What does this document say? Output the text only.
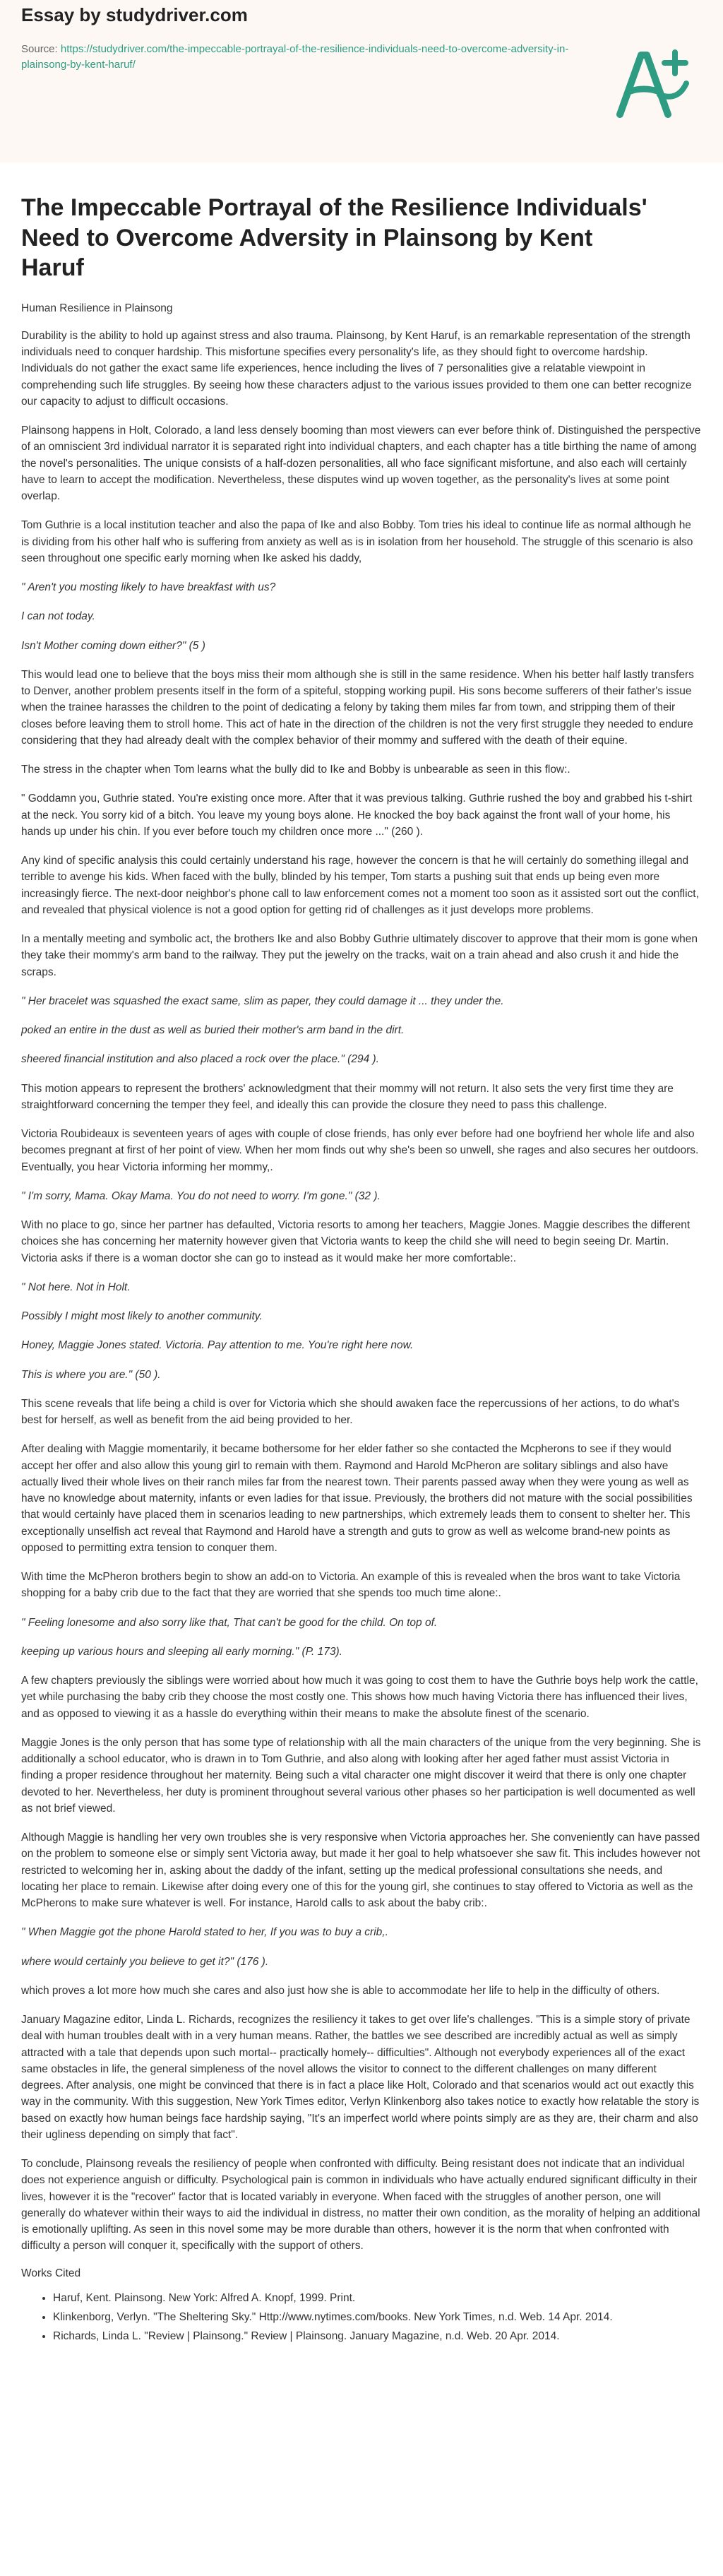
Essay by studydriver.com
Source: https://studydriver.com/the-impeccable-portrayal-of-the-resilience-individuals-need-to-overcome-adversity-in-plainsong-by-kent-haruf/
The Impeccable Portrayal of the Resilience Individuals' Need to Overcome Adversity in Plainsong by Kent Haruf

Human Resilience in Plainsong

Durability is the ability to hold up against stress and also trauma. Plainsong, by Kent Haruf, is an remarkable representation of the strength individuals need to conquer hardship. This misfortune specifies every personality's life, as they should fight to overcome hardship. Individuals do not gather the exact same life experiences, hence including the lives of 7 personalities give a relatable viewpoint in comprehending such life struggles. By seeing how these characters adjust to the various issues provided to them one can better recognize our capacity to adjust to difficult occasions.

Plainsong happens in Holt, Colorado, a land less densely booming than most viewers can ever before think of. Distinguished the perspective of an omniscient 3rd individual narrator it is separated right into individual chapters, and each chapter has a title birthing the name of among the novel's personalities. The unique consists of a half-dozen personalities, all who face significant misfortune, and also each will certainly have to learn to accept the modification. Nevertheless, these disputes wind up woven together, as the personality's lives at some point overlap.

Tom Guthrie is a local institution teacher and also the papa of Ike and also Bobby. Tom tries his ideal to continue life as normal although he is dividing from his other half who is suffering from anxiety as well as is in isolation from her household. The struggle of this scenario is also seen throughout one specific early morning when Ike asked his daddy,

" Aren't you mosting likely to have breakfast with us?

I can not today.

Isn't Mother coming down either?" (5 )

This would lead one to believe that the boys miss their mom although she is still in the same residence. When his better half lastly transfers to Denver, another problem presents itself in the form of a spiteful, stopping working pupil. His sons become sufferers of their father's issue when the trainee harasses the children to the point of dedicating a felony by taking them miles far from town, and stripping them of their closes before leaving them to stroll home. This act of hate in the direction of the children is not the very first struggle they needed to endure considering that they had already dealt with the complex behavior of their mommy and suffered with the death of their equine.

The stress in the chapter when Tom learns what the bully did to Ike and Bobby is unbearable as seen in this flow:.

" Goddamn you, Guthrie stated. You're existing once more. After that it was previous talking. Guthrie rushed the boy and grabbed his t-shirt at the neck. You sorry kid of a bitch. You leave my young boys alone. He knocked the boy back against the front wall of your home, his hands up under his chin. If you ever before touch my children once more ..." (260 ).

Any kind of specific analysis this could certainly understand his rage, however the concern is that he will certainly do something illegal and terrible to avenge his kids. When faced with the bully, blinded by his temper, Tom starts a pushing suit that ends up being even more increasingly fierce. The next-door neighbor's phone call to law enforcement comes not a moment too soon as it assisted sort out the conflict, and revealed that physical violence is not a good option for getting rid of challenges as it just develops more problems.

In a mentally meeting and symbolic act, the brothers Ike and also Bobby Guthrie ultimately discover to approve that their mom is gone when they take their mommy's arm band to the railway. They put the jewelry on the tracks, wait on a train ahead and also crush it and hide the scraps.

" Her bracelet was squashed the exact same, slim as paper, they could damage it ... they under the.

poked an entire in the dust as well as buried their mother's arm band in the dirt.

sheered financial institution and also placed a rock over the place." (294 ).

This motion appears to represent the brothers' acknowledgment that their mommy will not return. It also sets the very first time they are straightforward concerning the temper they feel, and ideally this can provide the closure they need to pass this challenge.

Victoria Roubideaux is seventeen years of ages with couple of close friends, has only ever before had one boyfriend her whole life and also becomes pregnant at first of her point of view. When her mom finds out why she's been so unwell, she rages and also secures her outdoors. Eventually, you hear Victoria informing her mommy,.

" I'm sorry, Mama. Okay Mama. You do not need to worry. I'm gone." (32 ).

With no place to go, since her partner has defaulted, Victoria resorts to among her teachers, Maggie Jones. Maggie describes the different choices she has concerning her maternity however given that Victoria wants to keep the child she will need to begin seeing Dr. Martin. Victoria asks if there is a woman doctor she can go to instead as it would make her more comfortable:.

" Not here. Not in Holt.

Possibly I might most likely to another community.

Honey, Maggie Jones stated. Victoria. Pay attention to me. You're right here now.

This is where you are." (50 ).

This scene reveals that life being a child is over for Victoria which she should awaken face the repercussions of her actions, to do what's best for herself, as well as benefit from the aid being provided to her.

After dealing with Maggie momentarily, it became bothersome for her elder father so she contacted the Mcpherons to see if they would accept her offer and also allow this young girl to remain with them. Raymond and Harold McPheron are solitary siblings and also have actually lived their whole lives on their ranch miles far from the nearest town. Their parents passed away when they were young as well as have no knowledge about maternity, infants or even ladies for that issue. Previously, the brothers did not mature with the social possibilities that would certainly have placed them in scenarios leading to new partnerships, which extremely leads them to consent to shelter her. This exceptionally unselfish act reveal that Raymond and Harold have a strength and guts to grow as well as welcome brand-new points as opposed to permitting extra tension to conquer them.

With time the McPheron brothers begin to show an add-on to Victoria. An example of this is revealed when the bros want to take Victoria shopping for a baby crib due to the fact that they are worried that she spends too much time alone:.

" Feeling lonesome and also sorry like that, That can't be good for the child. On top of.

keeping up various hours and sleeping all early morning." (P. 173).

A few chapters previously the siblings were worried about how much it was going to cost them to have the Guthrie boys help work the cattle, yet while purchasing the baby crib they choose the most costly one. This shows how much having Victoria there has influenced their lives, and as opposed to viewing it as a hassle do everything within their means to make the absolute finest of the scenario.

Maggie Jones is the only person that has some type of relationship with all the main characters of the unique from the very beginning. She is additionally a school educator, who is drawn in to Tom Guthrie, and also along with looking after her aged father must assist Victoria in finding a proper residence throughout her maternity. Being such a vital character one might discover it weird that there is only one chapter devoted to her. Nevertheless, her duty is prominent throughout several various other phases so her participation is well documented as well as not brief viewed.

Although Maggie is handling her very own troubles she is very responsive when Victoria approaches her. She conveniently can have passed on the problem to someone else or simply sent Victoria away, but made it her goal to help whatsoever she saw fit. This includes however not restricted to welcoming her in, asking about the daddy of the infant, setting up the medical professional consultations she needs, and locating her place to remain. Likewise after doing every one of this for the young girl, she continues to stay offered to Victoria as well as the McPherons to make sure whatever is well. For instance, Harold calls to ask about the baby crib:.

" When Maggie got the phone Harold stated to her, If you was to buy a crib,.

where would certainly you believe to get it?" (176 ).

which proves a lot more how much she cares and also just how she is able to accommodate her life to help in the difficulty of others.

January Magazine editor, Linda L. Richards, recognizes the resiliency it takes to get over life's challenges. "This is a simple story of private deal with human troubles dealt with in a very human means. Rather, the battles we see described are incredibly actual as well as simply attracted with a tale that depends upon such mortal-- practically homely-- difficulties". Although not everybody experiences all of the exact same obstacles in life, the general simpleness of the novel allows the visitor to connect to the different challenges on many different degrees. After analysis, one might be convinced that there is in fact a place like Holt, Colorado and that scenarios would act out exactly this way in the community. With this suggestion, New York Times editor, Verlyn Klinkenborg also takes notice to exactly how relatable the story is based on exactly how human beings face hardship saying, "It's an imperfect world where points simply are as they are, their charm and also their ugliness depending on simply that fact".

To conclude, Plainsong reveals the resiliency of people when confronted with difficulty. Being resistant does not indicate that an individual does not experience anguish or difficulty. Psychological pain is common in individuals who have actually endured significant difficulty in their lives, however it is the "recover" factor that is located variably in everyone. When faced with the struggles of another person, one will generally do whatever within their ways to aid the individual in distress, no matter their own condition, as the morality of helping an additional is emotionally uplifting. As seen in this novel some may be more durable than others, however it is the norm that when confronted with difficulty a person will conquer it, specifically with the support of others.

Works Cited

• Haruf, Kent. Plainsong. New York: Alfred A. Knopf, 1999. Print.
• Klinkenborg, Verlyn. "The Sheltering Sky." Http://www.nytimes.com/books. New York Times, n.d. Web. 14 Apr. 2014.
• Richards, Linda L. "Review | Plainsong." Review | Plainsong. January Magazine, n.d. Web. 20 Apr. 2014.
